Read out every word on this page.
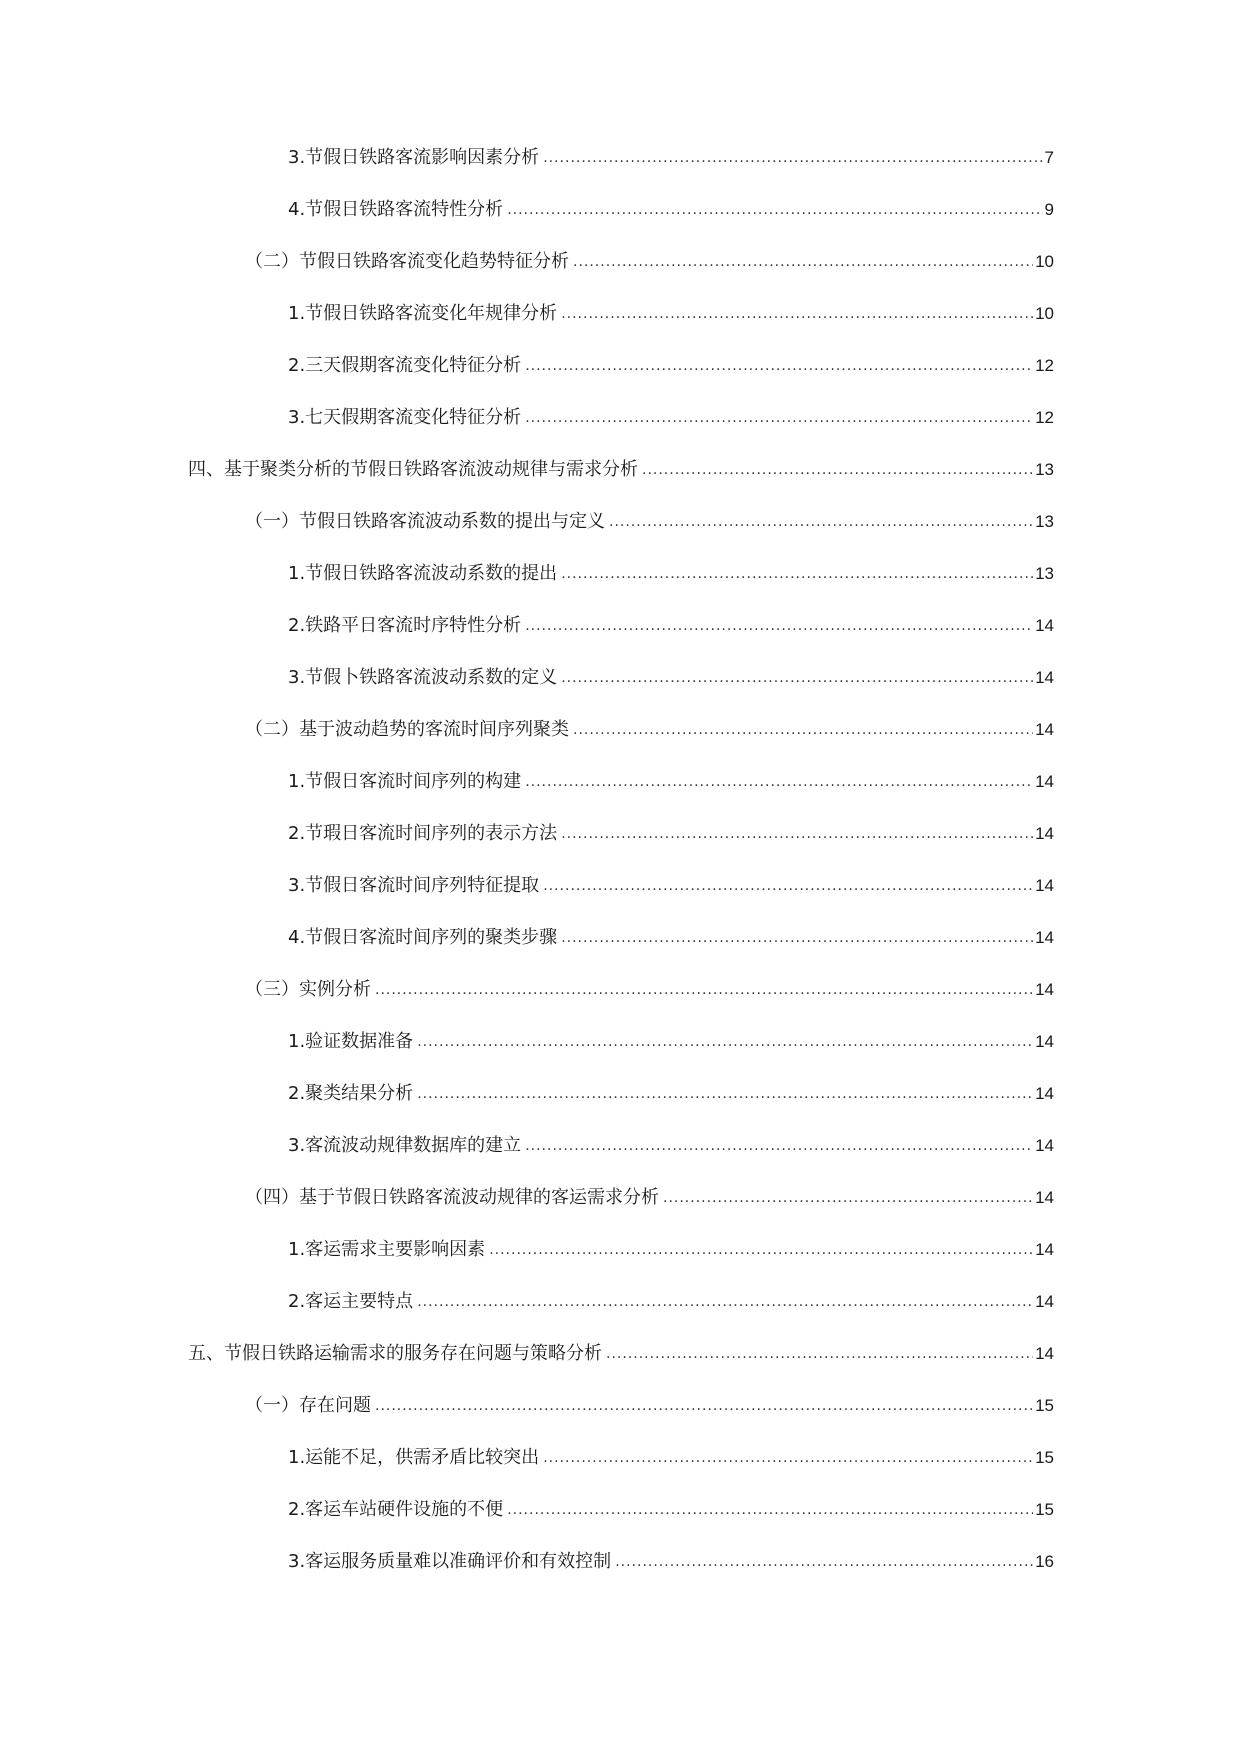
3.节假日铁路客流影响因素分析 .....	7
4.节假日铁路客流特性分析 .....	9
（二）节假日铁路客流变化趋势特征分析 .....	10
1.节假日铁路客流变化年规律分析 .....	10
2.三天假期客流变化特征分析 .....	12
3.七天假期客流变化特征分析 .....	12
四、基于聚类分析的节假日铁路客流波动规律与需求分析 .....	13
（一）节假日铁路客流波动系数的提出与定义 .....	13
1.节假日铁路客流波动系数的提出 .....	13
2.铁路平日客流时序特性分析 .....	14
3.节假卜铁路客流波动系数的定义 .....	14
（二）基于波动趋势的客流时间序列聚类 .....	14
1.节假日客流时间序列的构建 .....	14
2.节瑕日客流时间序列的表示方法 .....	14
3.节假日客流时间序列特征提取 .....	14
4.节假日客流时间序列的聚类步骤 .....	14
（三）实例分析 .....	14
1.验证数据准备 .....	14
2.聚类结果分析 .....	14
3.客流波动规律数据库的建立 .....	14
（四）基于节假日铁路客流波动规律的客运需求分析 .....	14
1.客运需求主要影响因素 .....	14
2.客运主要特点 .....	14
五、节假日铁路运输需求的服务存在问题与策略分析 .....	14
（一）存在问题 .....	15
1.运能不足，供需矛盾比较突出 .....	15
2.客运车站硬件设施的不便 .....	15
3.客运服务质量难以准确评价和有效控制 .....	16
